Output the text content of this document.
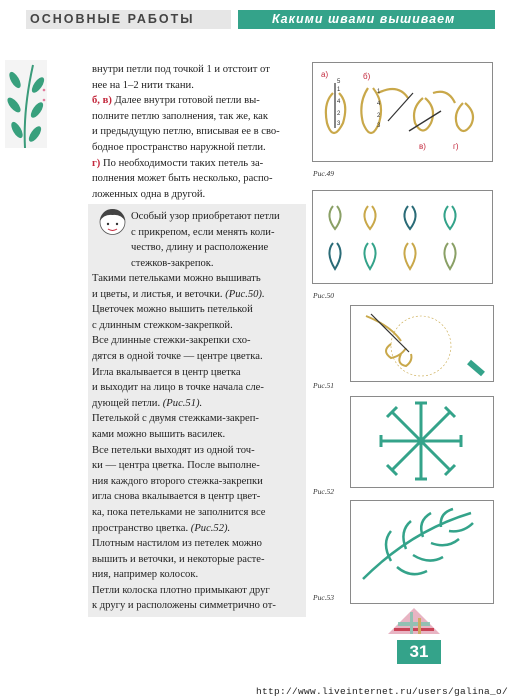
ОСНОВНЫЕ РАБОТЫ	Какими швами вышиваем

внутри петли под точкой 1 и отстоит от

нее на 1–2 нити ткани.

б, в) Далее внутри готовой петли вы-

полните петлю заполнения, так же, как

и предыдущую петлю, вписывая ее в сво-

бодное пространство наружной петли.

г) По необходимости таких петель за-

полнения может быть несколько, распо-

ложенных одна в другой.

Особый узор приобретают петли

с прикрепом, если менять коли-

чество, длину и расположение

стежков-закрепок.

Такими петельками можно вышивать

и цветы, и листья, и веточки. (Рис.50).

Цветочек можно вышить петелькой

с длинным стежком-закрепкой.

Все длинные стежки-закрепки схо-

дятся в одной точке — центре цветка.

Игла вкалывается в центр цветка

и выходит на лицо в точке начала сле-

дующей петли. (Рис.51).

Петелькой с двумя стежками-закреп-

ками можно вышить василек.

Все петельки выходят из одной точ-

ки — центра цветка. После выполне-

ния каждого второго стежка-закрепки

игла снова вкалывается в центр цвет-

ка, пока петельками не заполнится все

пространство цветка. (Рис.52).

Плотным настилом из петелек можно

вышить и веточки, и некоторые расте-

ния, например колосок.

Петли колоска плотно примыкают друг

к другу и расположены симметрично от-

а)	б)
в)	г)
5
1
4
2
3
1
4
2
3
Рис.49
Рис.50
Рис.51
Рис.52
Рис.53
31
http://www.liveinternet.ru/users/galina_o/
